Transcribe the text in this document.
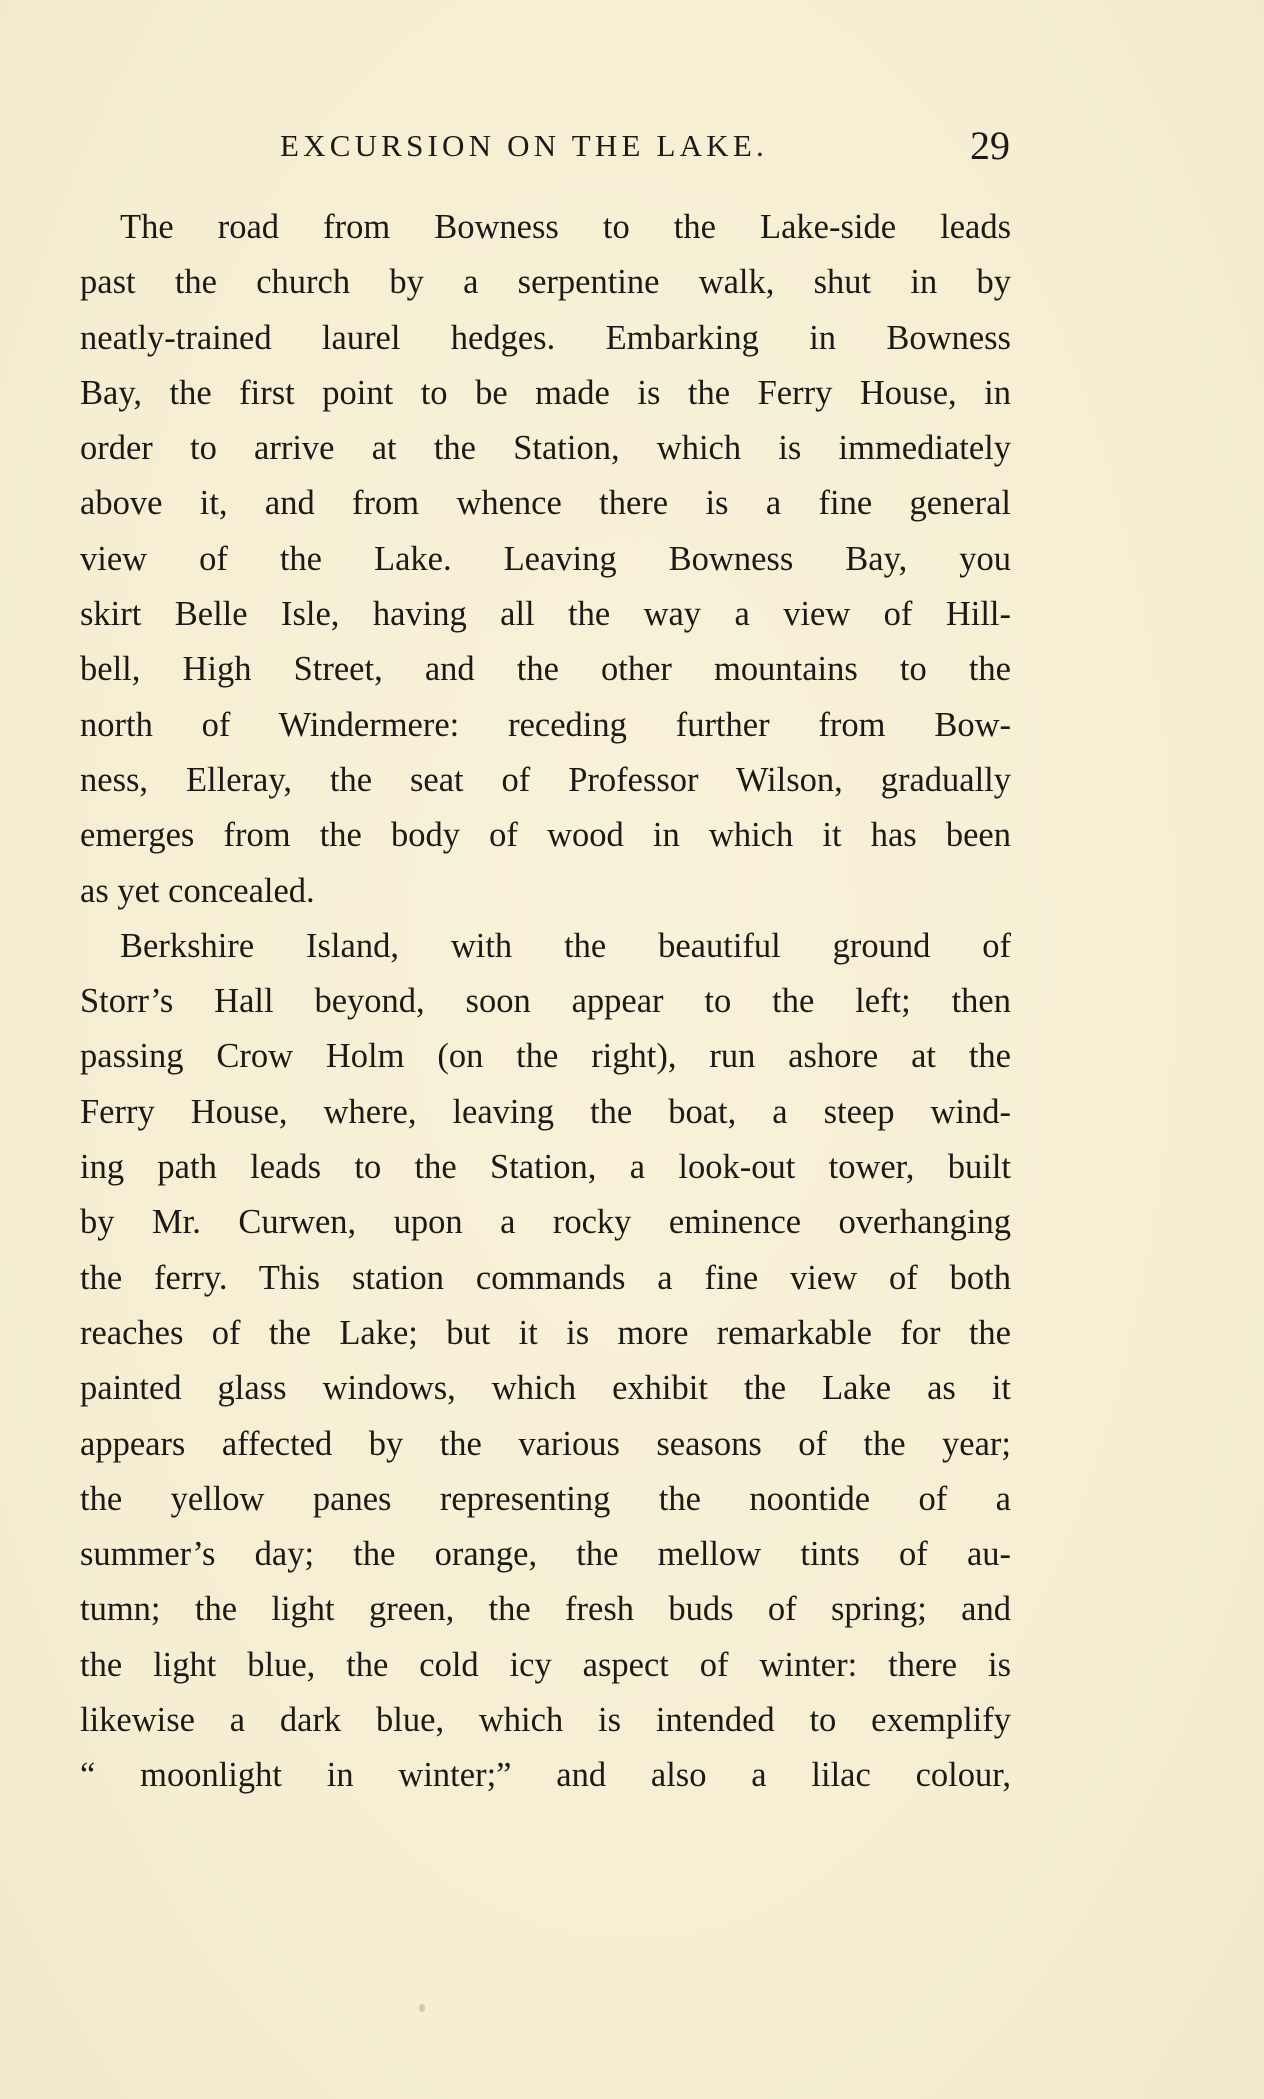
EXCURSION ON THE LAKE.	29
The road from Bowness to the Lake-side leads
past the church by a serpentine walk, shut in by
neatly-trained laurel hedges. Embarking in Bowness
Bay, the first point to be made is the Ferry House, in
order to arrive at the Station, which is immediately
above it, and from whence there is a fine general
view of the Lake. Leaving Bowness Bay, you
skirt Belle Isle, having all the way a view of Hill-
bell, High Street, and the other mountains to the
north of Windermere: receding further from Bow-
ness, Elleray, the seat of Professor Wilson, gradually
emerges from the body of wood in which it has been
as yet concealed.
Berkshire Island, with the beautiful ground of
Storr’s Hall beyond, soon appear to the left; then
passing Crow Holm (on the right), run ashore at the
Ferry House, where, leaving the boat, a steep wind-
ing path leads to the Station, a look-out tower, built
by Mr. Curwen, upon a rocky eminence overhanging
the ferry. This station commands a fine view of both
reaches of the Lake; but it is more remarkable for the
painted glass windows, which exhibit the Lake as it
appears affected by the various seasons of the year;
the yellow panes representing the noontide of a
summer’s day; the orange, the mellow tints of au-
tumn; the light green, the fresh buds of spring; and
the light blue, the cold icy aspect of winter: there is
likewise a dark blue, which is intended to exemplify
“ moonlight in winter;” and also a lilac colour,
